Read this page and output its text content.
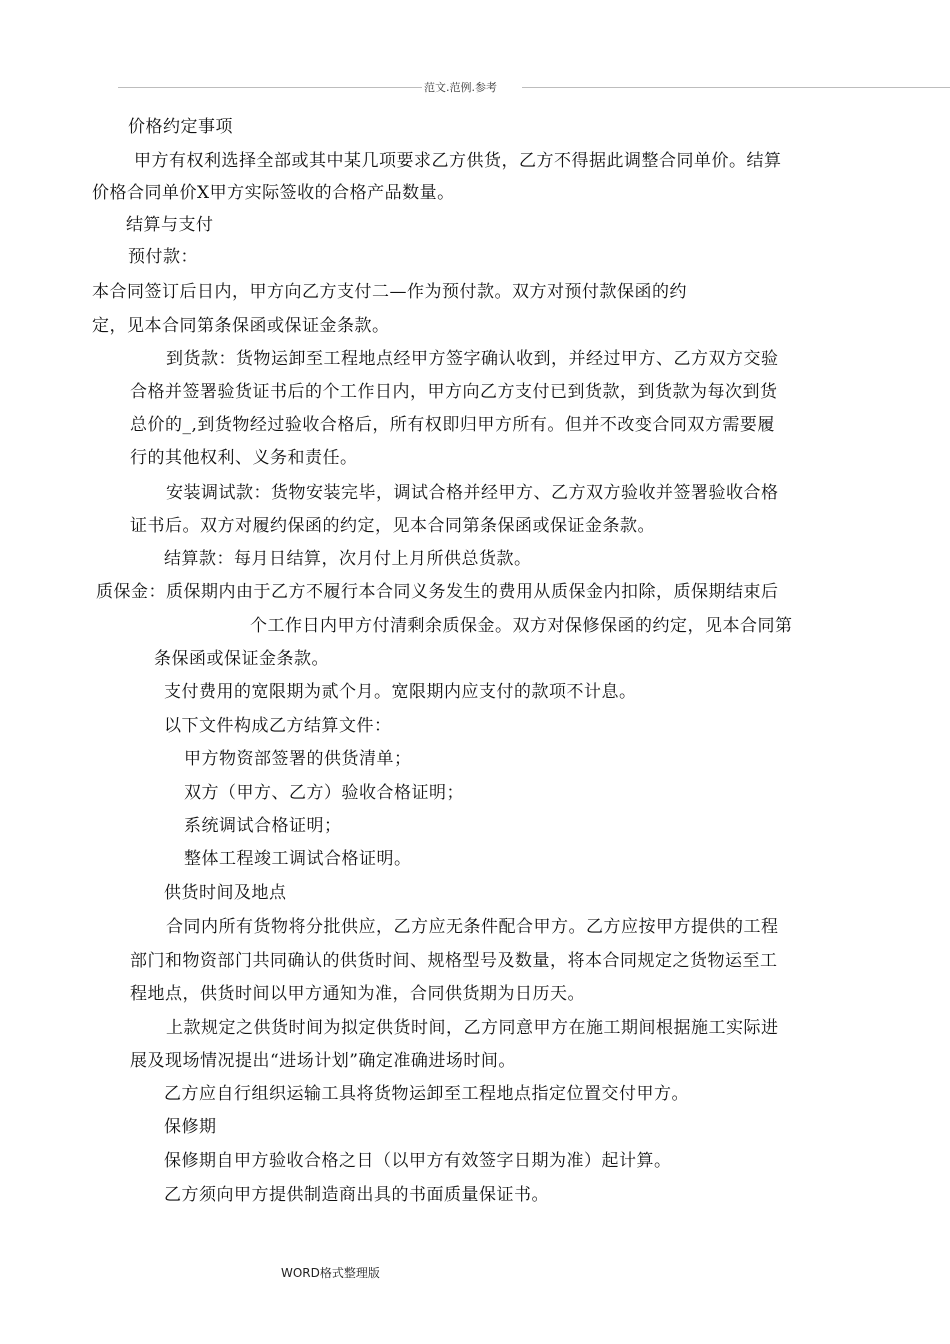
范文.范例.参考
价格约定事项
甲方有权利选择全部或其中某几项要求乙方供货，乙方不得据此调整合同单价。结算
价格合同单价X甲方实际签收的合格产品数量。
结算与支付
预付款：
本合同签订后日内，甲方向乙方支付二—作为预付款。双方对预付款保函的约
定，见本合同第条保函或保证金条款。
到货款：货物运卸至工程地点经甲方签字确认收到，并经过甲方、乙方双方交验
合格并签署验货证书后的个工作日内，甲方向乙方支付已到货款，到货款为每次到货
总价的_,到货物经过验收合格后，所有权即归甲方所有。但并不改变合同双方需要履
行的其他权利、义务和责任。
安装调试款：货物安装完毕，调试合格并经甲方、乙方双方验收并签署验收合格
证书后。双方对履约保函的约定，见本合同第条保函或保证金条款。
结算款：每月日结算，次月付上月所供总货款。
质保金：质保期内由于乙方不履行本合同义务发生的费用从质保金内扣除，质保期结束后
个工作日内甲方付清剩余质保金。双方对保修保函的约定，见本合同第
条保函或保证金条款。
支付费用的宽限期为贰个月。宽限期内应支付的款项不计息。
以下文件构成乙方结算文件：
甲方物资部签署的供货清单；
双方（甲方、乙方）验收合格证明；
系统调试合格证明；
整体工程竣工调试合格证明。
供货时间及地点
合同内所有货物将分批供应，乙方应无条件配合甲方。乙方应按甲方提供的工程
部门和物资部门共同确认的供货时间、规格型号及数量，将本合同规定之货物运至工
程地点，供货时间以甲方通知为准，合同供货期为日历天。
上款规定之供货时间为拟定供货时间，乙方同意甲方在施工期间根据施工实际进
展及现场情况提出“进场计划”确定准确进场时间。
乙方应自行组织运输工具将货物运卸至工程地点指定位置交付甲方。
保修期
保修期自甲方验收合格之日（以甲方有效签字日期为准）起计算。
乙方须向甲方提供制造商出具的书面质量保证书。
WORD格式整理版
